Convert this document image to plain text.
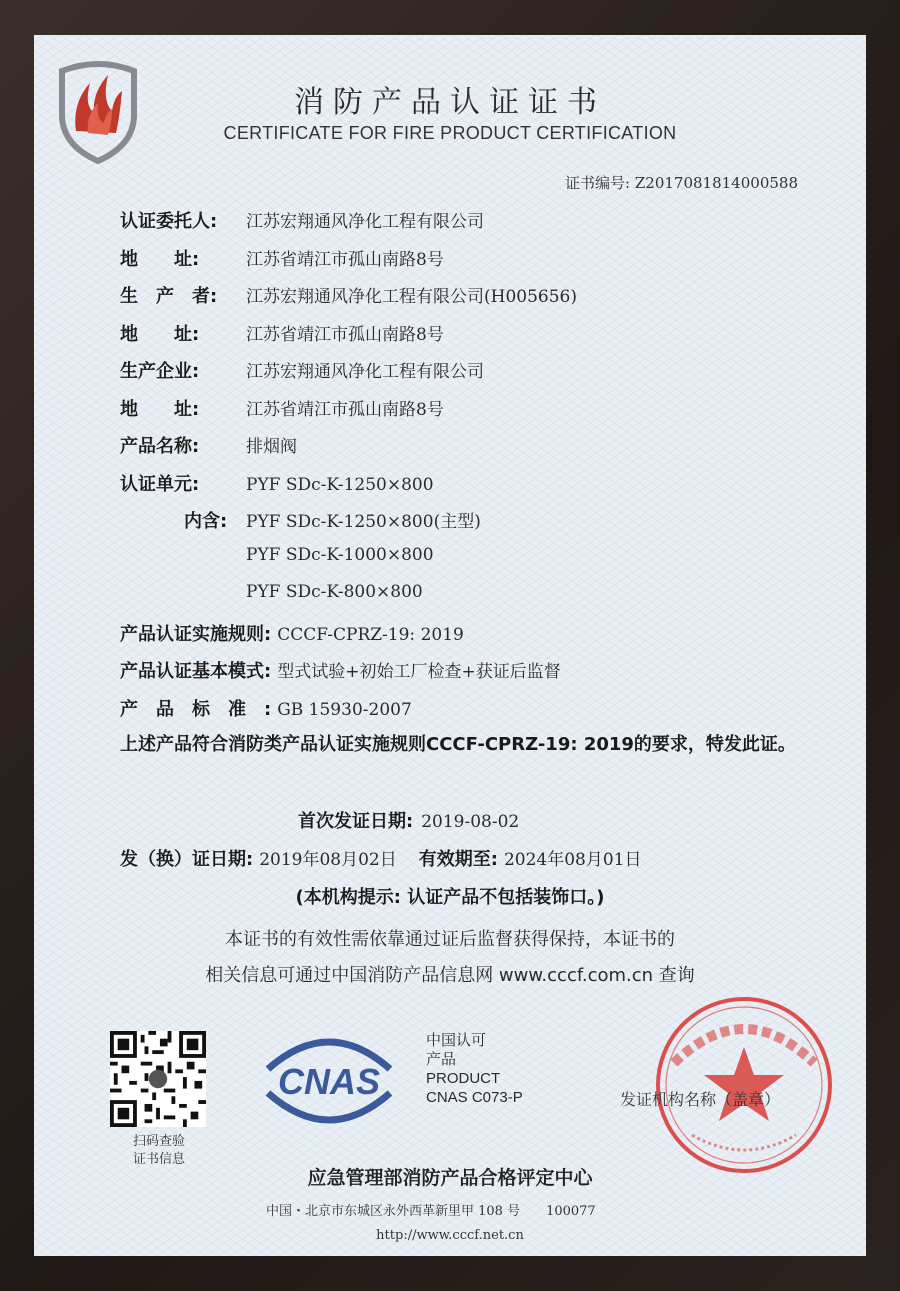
消防产品认证证书
CERTIFICATE FOR FIRE PRODUCT CERTIFICATION
证书编号: Z2017081814000588
认证委托人:	江苏宏翔通风净化工程有限公司
地　　址:	江苏省靖江市孤山南路8号
生　产　者:	江苏宏翔通风净化工程有限公司(H005656)
地　　址:	江苏省靖江市孤山南路8号
生产企业:	江苏宏翔通风净化工程有限公司
地　　址:	江苏省靖江市孤山南路8号
产品名称:	排烟阀
认证单元:	PYF SDc-K-1250×800
内含:	PYF SDc-K-1250×800(主型)
PYF SDc-K-1000×800
PYF SDc-K-800×800
产品认证实施规则: CCCF-CPRZ-19: 2019
产品认证基本模式: 型式试验+初始工厂检查+获证后监督
产　品　标　准　: GB 15930-2007
上述产品符合消防类产品认证实施规则CCCF-CPRZ-19: 2019的要求，特发此证。
首次发证日期: 2019-08-02
发（换）证日期: 2019年08月02日 有效期至: 2024年08月01日
(本机构提示: 认证产品不包括装饰口。)
本证书的有效性需依靠通过证后监督获得保持，本证书的
相关信息可通过中国消防产品信息网 www.cccf.com.cn 查询
扫码查验
证书信息
CNAS
中国认可
产品
PRODUCT
CNAS C073-P	发证机构名称（盖章）
应急管理部消防产品合格评定中心
中国・北京市东城区永外西革新里甲 108 号　　100077
http://www.cccf.net.cn
